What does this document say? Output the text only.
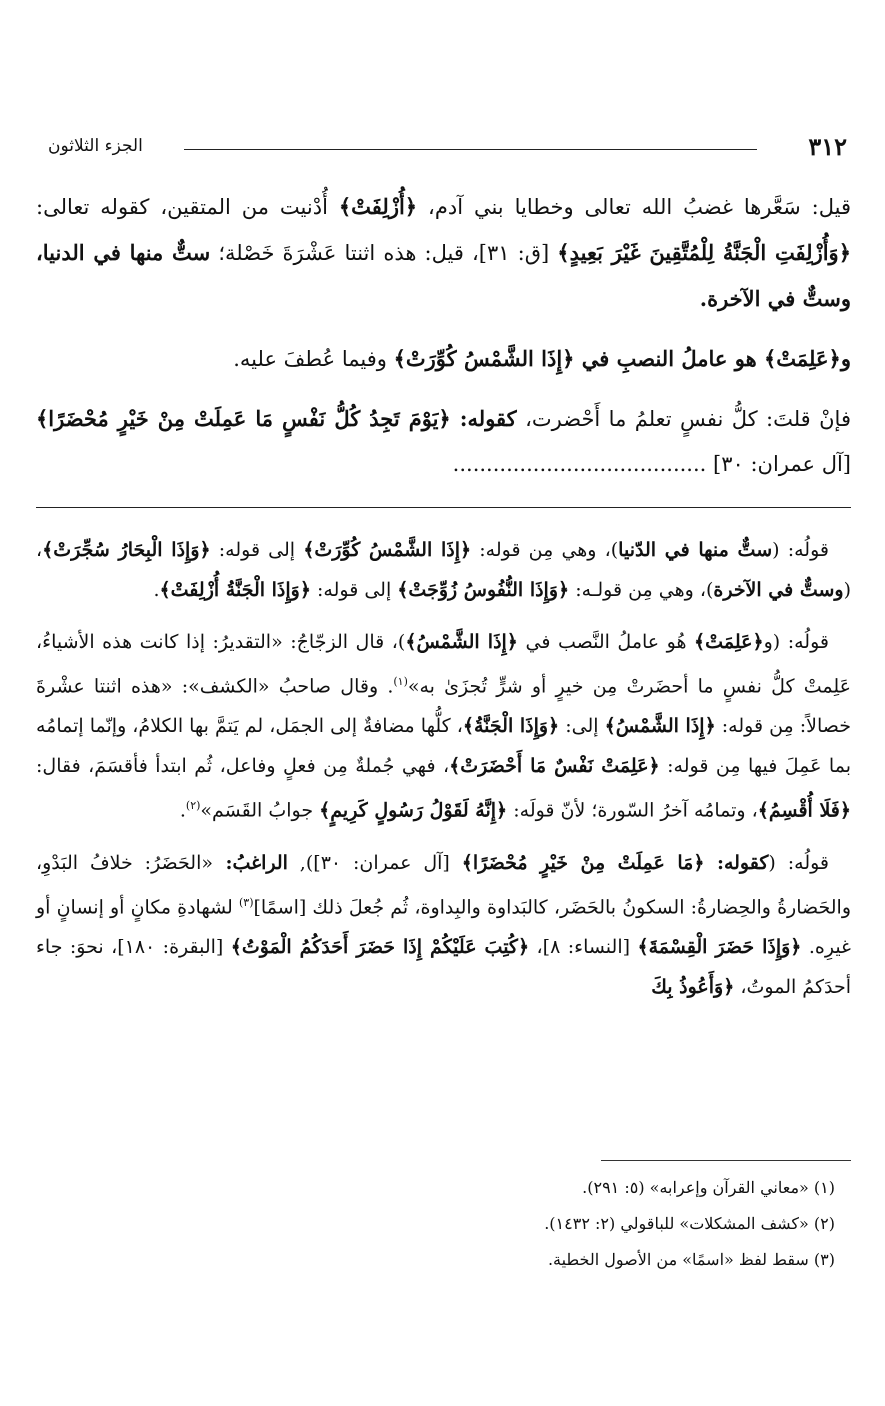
٣١٢
الجزء الثلاثون

قيل: سَعَّرها غضبُ الله تعالى وخطايا بني آدم، ﴿أُزْلِفَتْ﴾ أُدْنيت من المتقين، كقوله تعالى: ﴿وَأُزْلِفَتِ الْجَنَّةُ لِلْمُتَّقِينَ غَيْرَ بَعِيدٍ﴾ [ق: ٣١]، قيل: هذه اثنتا عَشْرَةَ خَصْلة؛ ستٌّ منها في الدنيا، وستٌّ في الآخرة.

و﴿عَلِمَتْ﴾ هو عاملُ النصبِ في ﴿إِذَا الشَّمْسُ كُوِّرَتْ﴾ وفيما عُطفَ عليه.

فإنْ قلتَ: كلُّ نفسٍ تعلمُ ما أَحْضرت، كقوله: ﴿يَوْمَ تَجِدُ كُلُّ نَفْسٍ مَا عَمِلَتْ مِنْ خَيْرٍ مُحْضَرًا﴾ [آل عمران: ٣٠] ......................................

قولُه: (ستٌّ منها في الدّنيا)، وهي مِن قوله: ﴿إِذَا الشَّمْسُ كُوِّرَتْ﴾ إلى قوله: ﴿وَإِذَا الْبِحَارُ سُجِّرَتْ﴾، (وستٌّ في الآخرة)، وهي مِن قولـه: ﴿وَإِذَا النُّفُوسُ زُوِّجَتْ﴾ إلى قوله: ﴿وَإِذَا الْجَنَّةُ أُزْلِفَتْ﴾.

قولُه: (و﴿عَلِمَتْ﴾ هُو عاملُ النَّصب في ﴿إِذَا الشَّمْسُ﴾)، قال الزجّاجُ: «التقديرُ: إذا كانت هذه الأشياءُ، عَلِمتْ كلُّ نفسٍ ما أحضَرتْ مِن خيرٍ أو شرٍّ تُجزَىٰ به»$^{(١)}$. وقال صاحبُ «الكشف»: «هذه اثنتا عشْرةَ خصالاً: مِن قوله: ﴿إِذَا الشَّمْسُ﴾ إلى: ﴿وَإِذَا الْجَنَّةُ﴾، كلُّها مضافةٌ إلى الجمَل، لم يَتمَّ بها الكلامُ، وإنّما إتمامُه بما عَمِلَ فيها مِن قوله: ﴿عَلِمَتْ نَفْسٌ مَا أَحْضَرَتْ﴾، فهي جُملةٌ مِن فعلٍ وفاعل، ثُم ابتدأ فأقسَمَ، فقال: ﴿فَلَا أُقْسِمُ﴾، وتمامُه آخرُ السّورة؛ لأنّ قولَه: ﴿إِنَّهُ لَقَوْلُ رَسُولٍ كَرِيمٍ﴾ جوابُ القَسَم»$^{(٢)}$.

قولُه: (كقوله: ﴿مَا عَمِلَتْ مِنْ خَيْرٍ مُحْضَرًا﴾ [آل عمران: ٣٠]), الراغبُ: «الحَضَرُ: خلافُ البَدْوِ، والحَضارةُ والحِضارةُ: السكونُ بالحَضَر، كالبَداوة والبِداوة، ثُم جُعلَ ذلك [اسمًا]$^{(٣)}$ لشهادةِ مكانٍ أو إنسانٍ أو غيرِه. ﴿وَإِذَا حَضَرَ الْقِسْمَةَ﴾ [النساء: ٨]، ﴿كُتِبَ عَلَيْكُمْ إِذَا حَضَرَ أَحَدَكُمُ الْمَوْتُ﴾ [البقرة: ١٨٠]، نحوَ: جاء أحدَكمُ الموتُ، ﴿وَأَعُوذُ بِكَ

(١) «معاني القرآن وإعرابه» (٥: ٢٩١).
(٢) «كشف المشكلات» للباقولي (٢: ١٤٣٢).
(٣) سقط لفظ «اسمًا» من الأصول الخطية.
